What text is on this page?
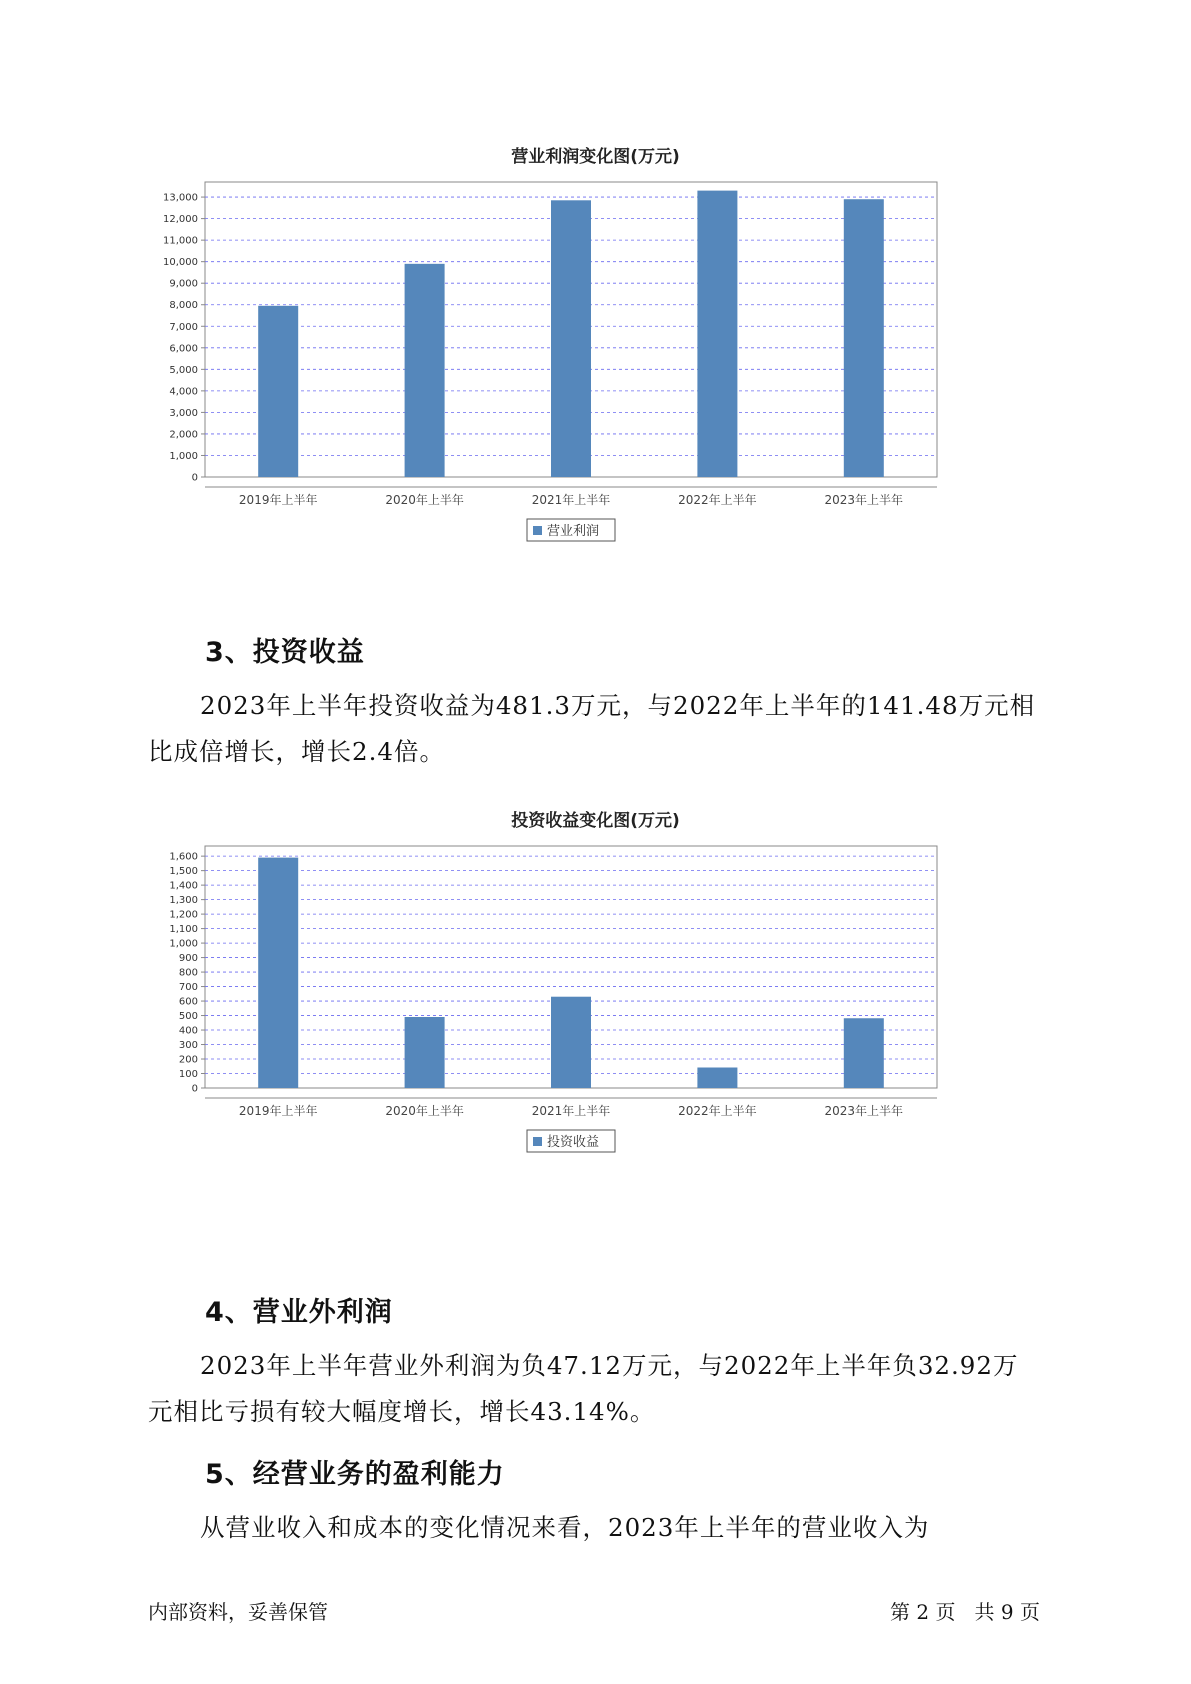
营业利润变化图(万元)
0
1,000
2,000
3,000
4,000
5,000
6,000
7,000
8,000
9,000
10,000
11,000
12,000
13,000
2019年上半年	2020年上半年	2021年上半年	2022年上半年	2023年上半年
营业利润
3、投资收益

2023年上半年投资收益为481.3万元，与2022年上半年的141.48万元相
比成倍增长，增长2.4倍。

投资收益变化图(万元)
0
100
200
300
400
500
600
700
800
900
1,000
1,100
1,200
1,300
1,400
1,500
1,600
2019年上半年	2020年上半年	2021年上半年	2022年上半年	2023年上半年
投资收益
4、营业外利润

2023年上半年营业外利润为负47.12万元，与2022年上半年负32.92万
元相比亏损有较大幅度增长，增长43.14%。

5、经营业务的盈利能力

从营业收入和成本的变化情况来看，2023年上半年的营业收入为

内部资料，妥善保管	第 2 页   共 9 页
